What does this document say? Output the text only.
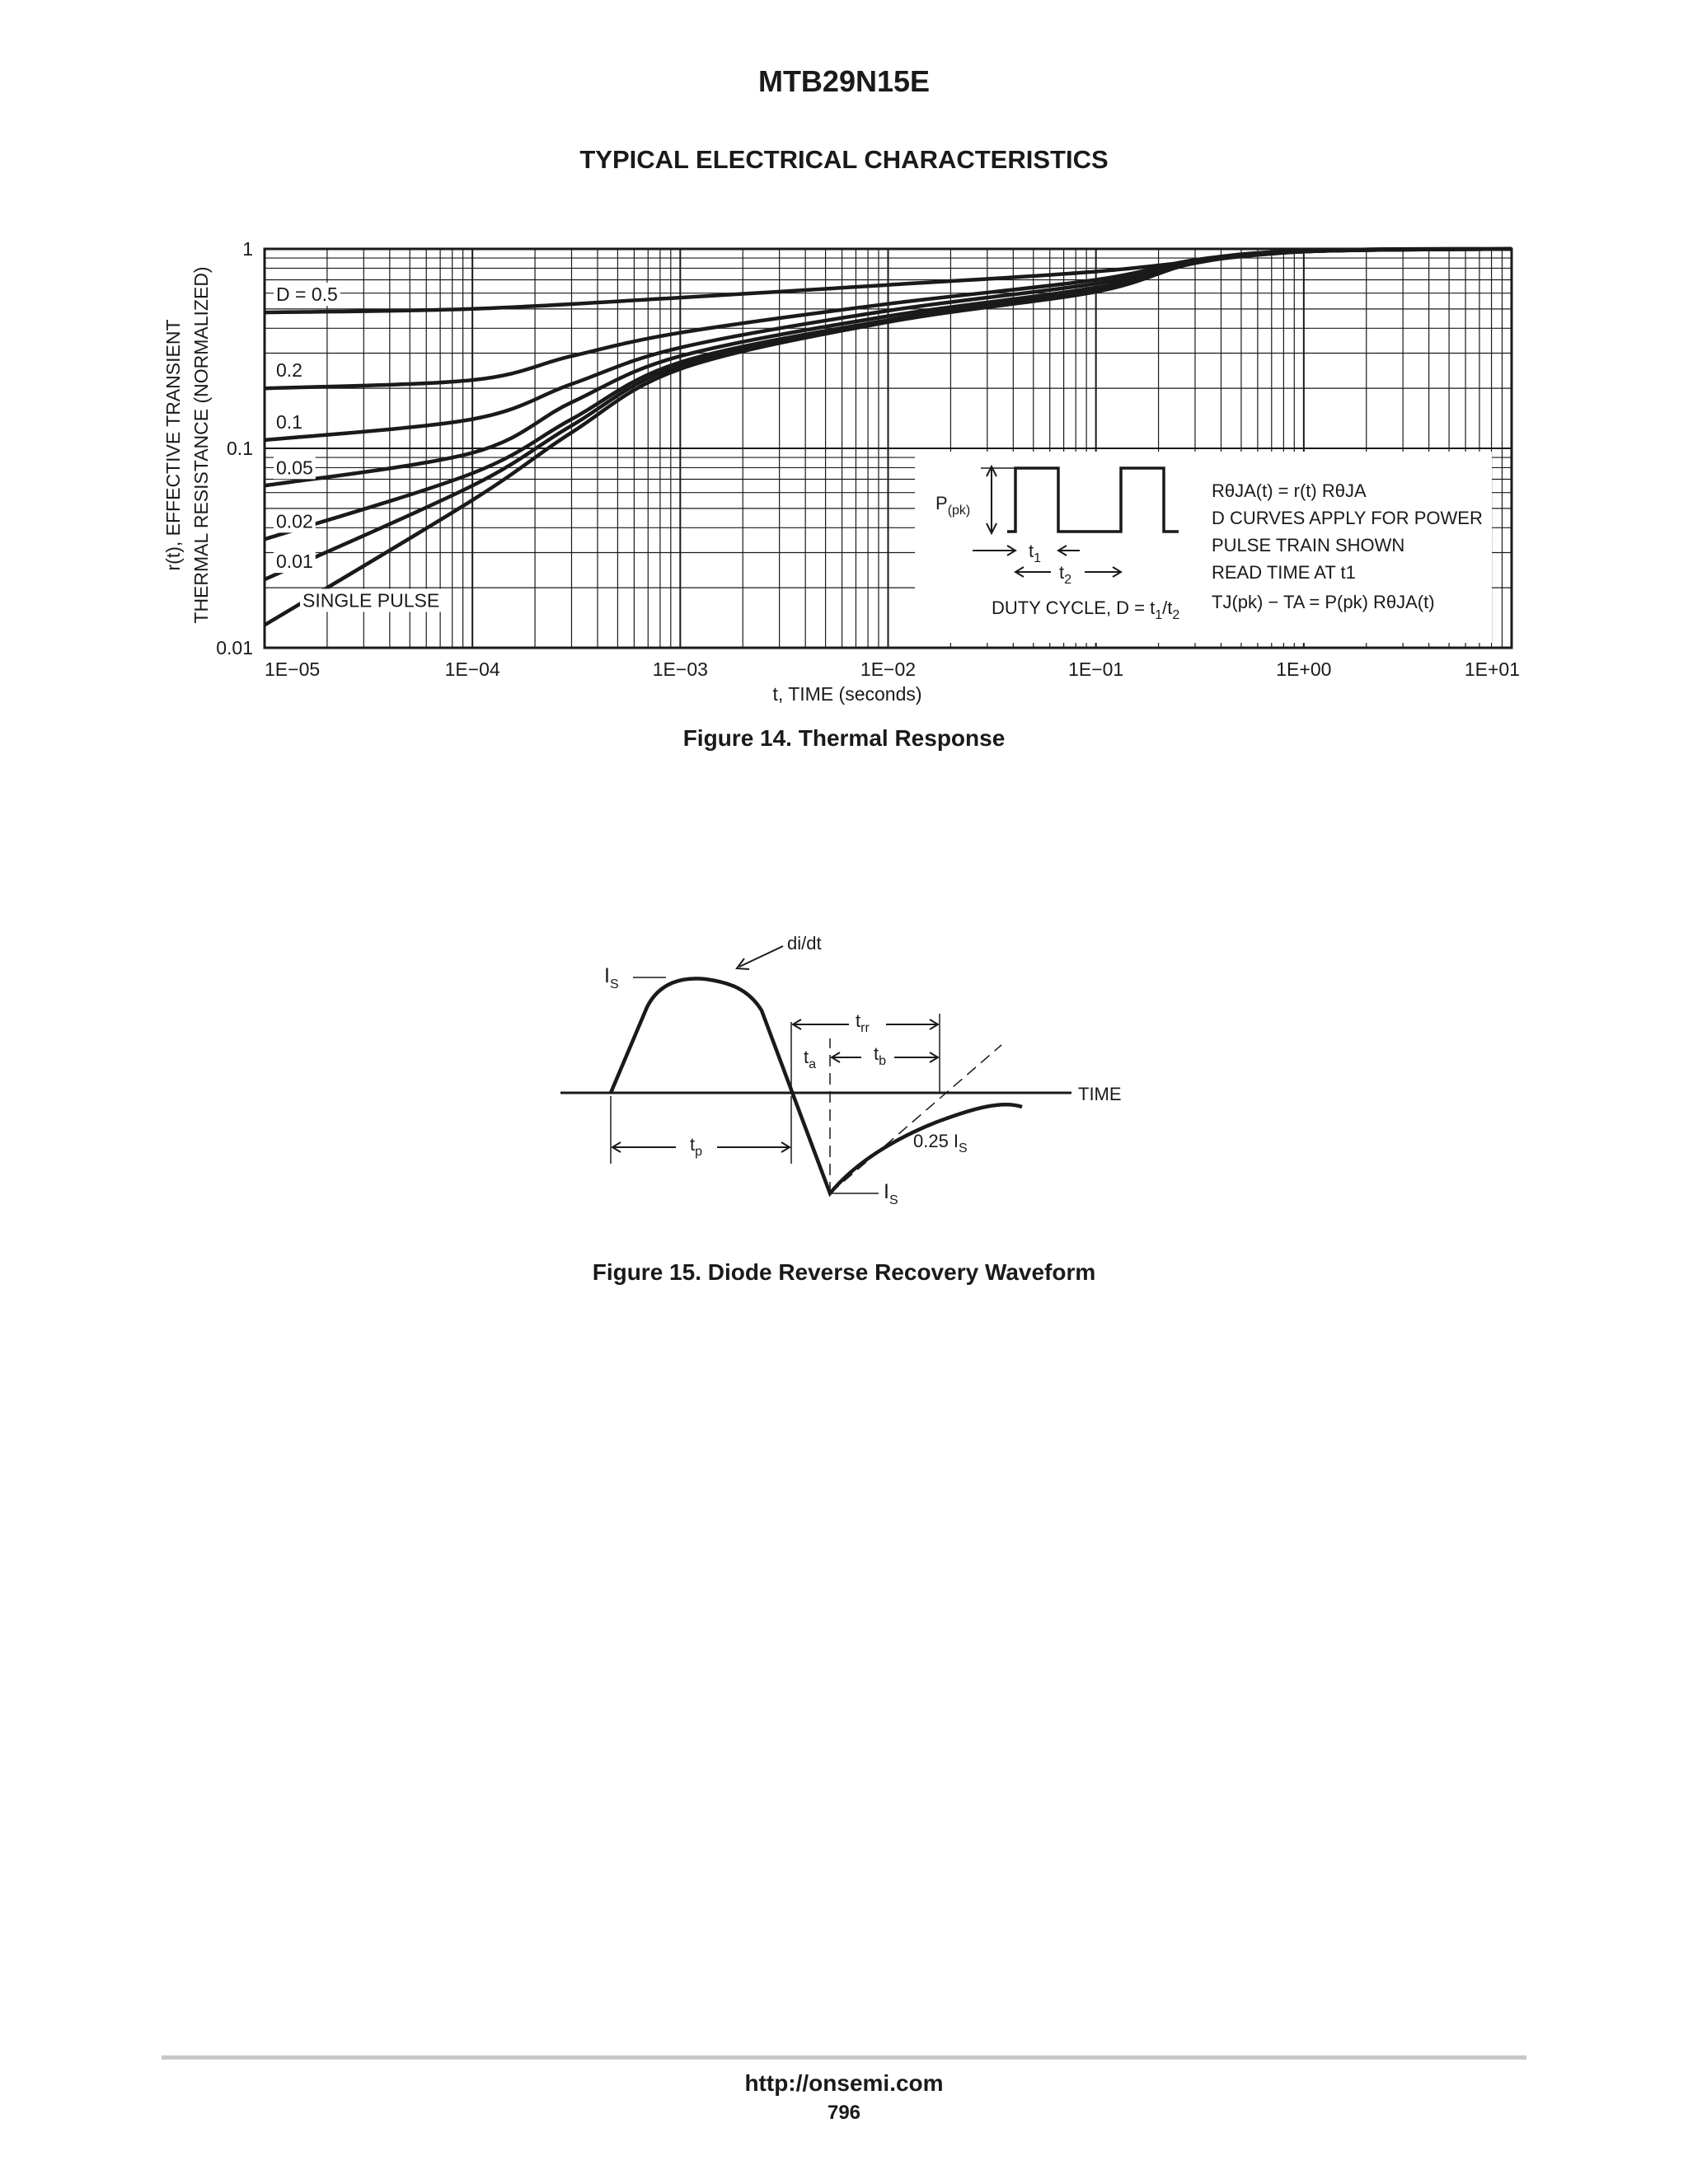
MTB29N15E
TYPICAL ELECTRICAL CHARACTERISTICS
1E−05	1E−04	1E−03	1E−02	1E−01	1E+00	1E+01
0.01
0.1
1
D = 0.5
0.2
0.1
0.05
0.02
0.01
SINGLE PULSE
t, TIME (seconds)
r(t), EFFECTIVE TRANSIENT THERMAL RESISTANCE (NORMALIZED)	$P_{(pk)}$
$t_1$
$t_2$
DUTY CYCLE, $D = t_1/t_2$
RθJA(t) = r(t) RθJA
D CURVES APPLY FOR POWER
PULSE TRAIN SHOWN
READ TIME AT t1
TJ(pk) − TA = P(pk) RθJA(t)
Figure 14. Thermal Response
$t_{rr}$
$t_b$
$t_a$
$t_p$
di/dt
$I_S$
TIME
0.25 $I_S$
$I_S$
Figure 15. Diode Reverse Recovery Waveform
http://onsemi.com
796
